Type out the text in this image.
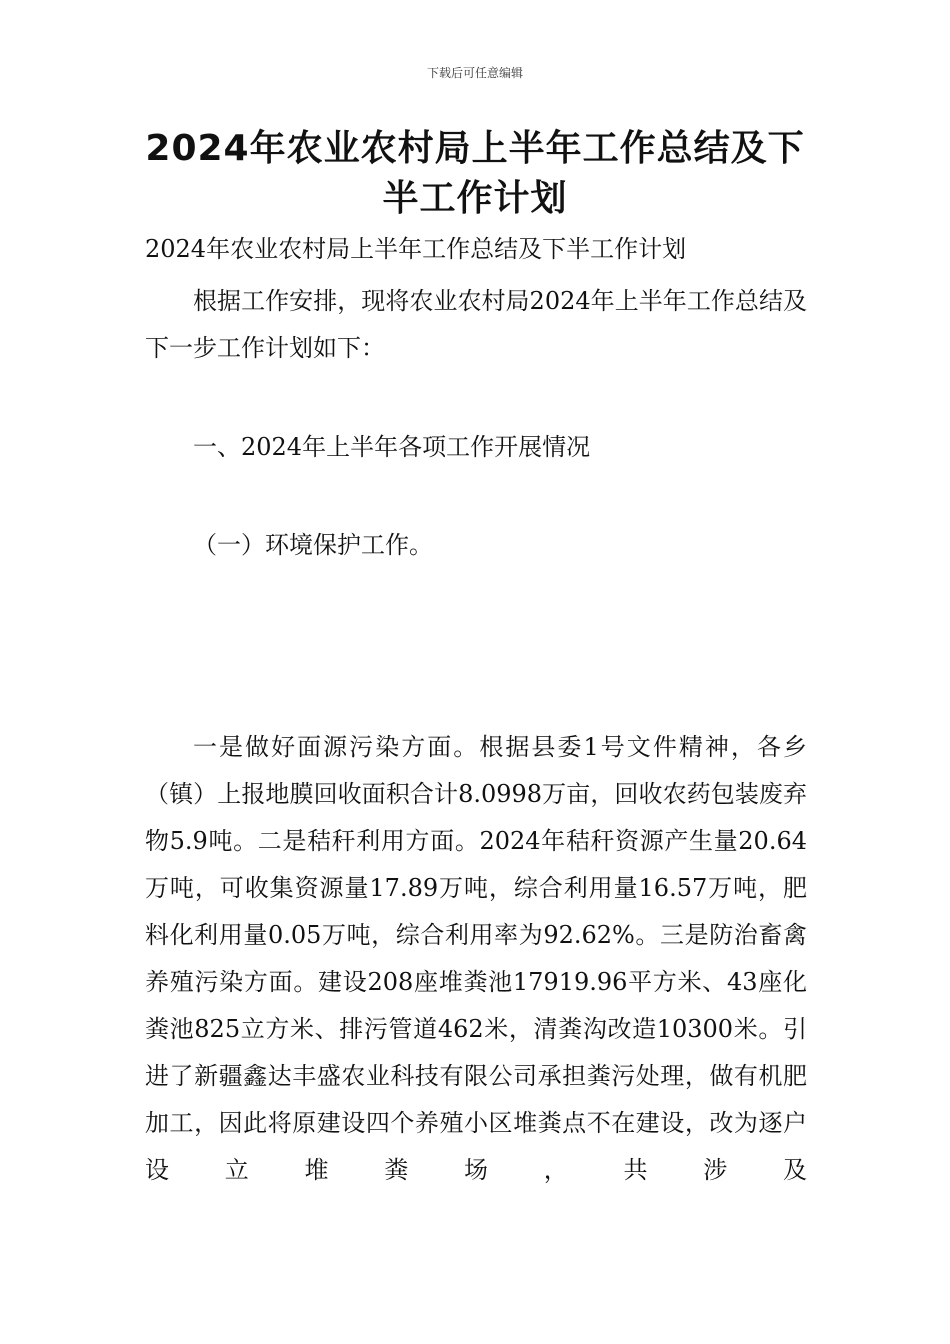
下载后可任意编辑
2024年农业农村局上半年工作总结及下半工作计划
2024年农业农村局上半年工作总结及下半工作计划
根据工作安排，现将农业农村局2024年上半年工作总结及下一步工作计划如下：
一、2024年上半年各项工作开展情况
（一）环境保护工作。
一是做好面源污染方面。根据县委1号文件精神，各乡（镇）上报地膜回收面积合计8.0998万亩，回收农药包装废弃物5.9吨。二是秸秆利用方面。2024年秸秆资源产生量20.64万吨，可收集资源量17.89万吨，综合利用量16.57万吨，肥料化利用量0.05万吨，综合利用率为92.62%。三是防治畜禽养殖污染方面。建设208座堆粪池17919.96平方米、43座化粪池825立方米、排污管道462米，清粪沟改造10300米。引进了新疆鑫达丰盛农业科技有限公司承担粪污处理，做有机肥加工，因此将原建设四个养殖小区堆粪点不在建设，改为逐户设立堆粪场，共涉及
